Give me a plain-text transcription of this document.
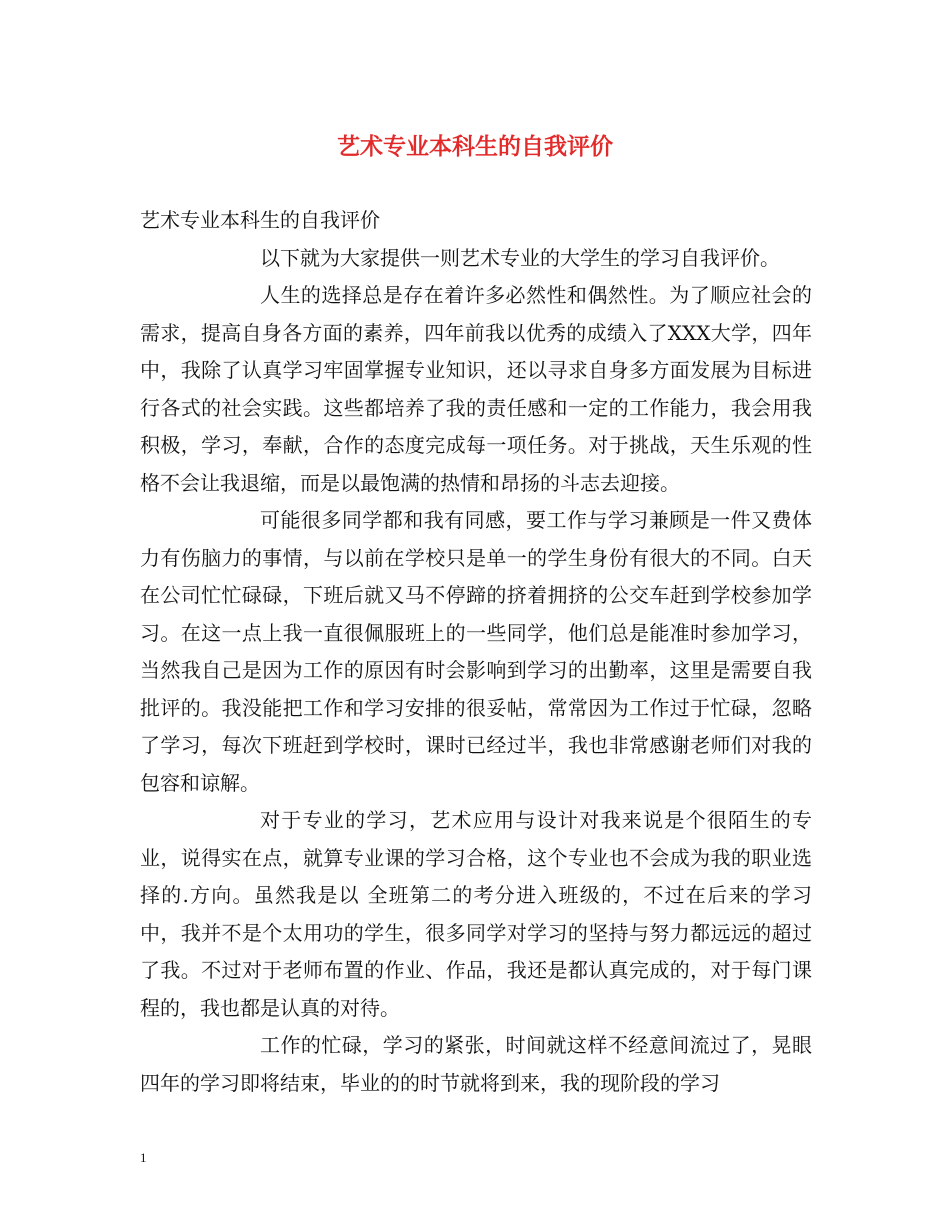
艺术专业本科生的自我评价

艺术专业本科生的自我评价

以下就为大家提供一则艺术专业的大学生的学习自我评价。

人生的选择总是存在着许多必然性和偶然性。为了顺应社会的需求，提高自身各方面的素养，四年前我以优秀的成绩入了XXX大学，四年中，我除了认真学习牢固掌握专业知识，还以寻求自身多方面发展为目标进行各式的社会实践。这些都培养了我的责任感和一定的工作能力，我会用我积极，学习，奉献，合作的态度完成每一项任务。对于挑战，天生乐观的性格不会让我退缩，而是以最饱满的热情和昂扬的斗志去迎接。

可能很多同学都和我有同感，要工作与学习兼顾是一件又费体力有伤脑力的事情，与以前在学校只是单一的学生身份有很大的不同。白天在公司忙忙碌碌，下班后就又马不停蹄的挤着拥挤的公交车赶到学校参加学习。在这一点上我一直很佩服班上的一些同学，他们总是能准时参加学习，当然我自己是因为工作的原因有时会影响到学习的出勤率，这里是需要自我批评的。我没能把工作和学习安排的很妥帖，常常因为工作过于忙碌，忽略了学习，每次下班赶到学校时，课时已经过半，我也非常感谢老师们对我的包容和谅解。

对于专业的学习，艺术应用与设计对我来说是个很陌生的专业，说得实在点，就算专业课的学习合格，这个专业也不会成为我的职业选择的.方向。虽然我是以 全班第二的考分进入班级的，不过在后来的学习中，我并不是个太用功的学生，很多同学对学习的坚持与努力都远远的超过了我。不过对于老师布置的作业、作品，我还是都认真完成的，对于每门课程的，我也都是认真的对待。

工作的忙碌，学习的紧张，时间就这样不经意间流过了，晃眼四年的学习即将结束，毕业的的时节就将到来，我的现阶段的学习

1
